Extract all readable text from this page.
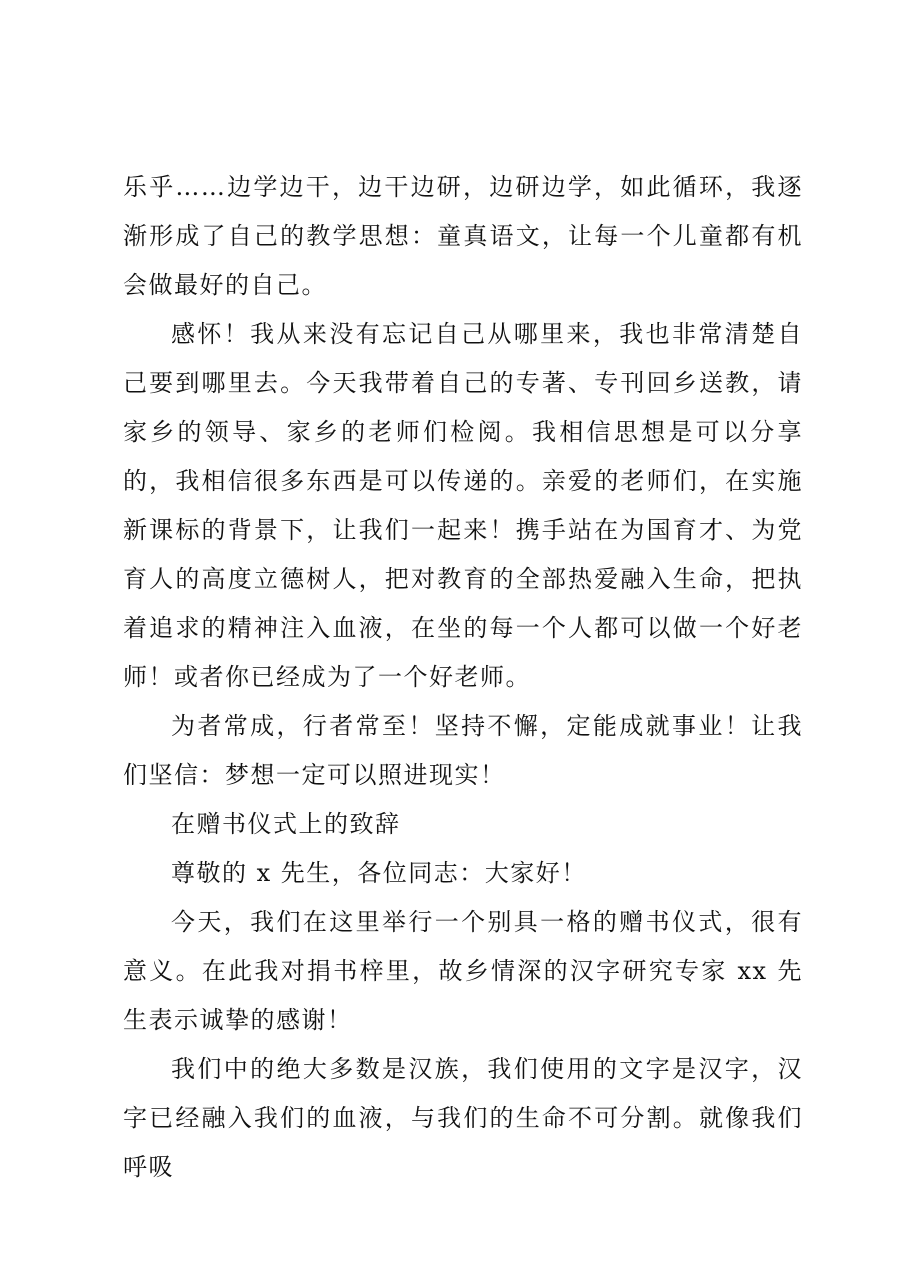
乐乎……边学边干，边干边研，边研边学，如此循环，我逐渐形成了自己的教学思想：童真语文，让每一个儿童都有机会做最好的自己。

感怀！我从来没有忘记自己从哪里来，我也非常清楚自己要到哪里去。今天我带着自己的专著、专刊回乡送教，请家乡的领导、家乡的老师们检阅。我相信思想是可以分享的，我相信很多东西是可以传递的。亲爱的老师们，在实施新课标的背景下，让我们一起来！携手站在为国育才、为党育人的高度立德树人，把对教育的全部热爱融入生命，把执着追求的精神注入血液，在坐的每一个人都可以做一个好老师！或者你已经成为了一个好老师。

为者常成，行者常至！坚持不懈，定能成就事业！让我们坚信：梦想一定可以照进现实！

在赠书仪式上的致辞

尊敬的 x 先生，各位同志：大家好！

今天，我们在这里举行一个别具一格的赠书仪式，很有意义。在此我对捐书梓里，故乡情深的汉字研究专家 xx 先生表示诚挚的感谢！

我们中的绝大多数是汉族，我们使用的文字是汉字，汉字已经融入我们的血液，与我们的生命不可分割。就像我们呼吸
